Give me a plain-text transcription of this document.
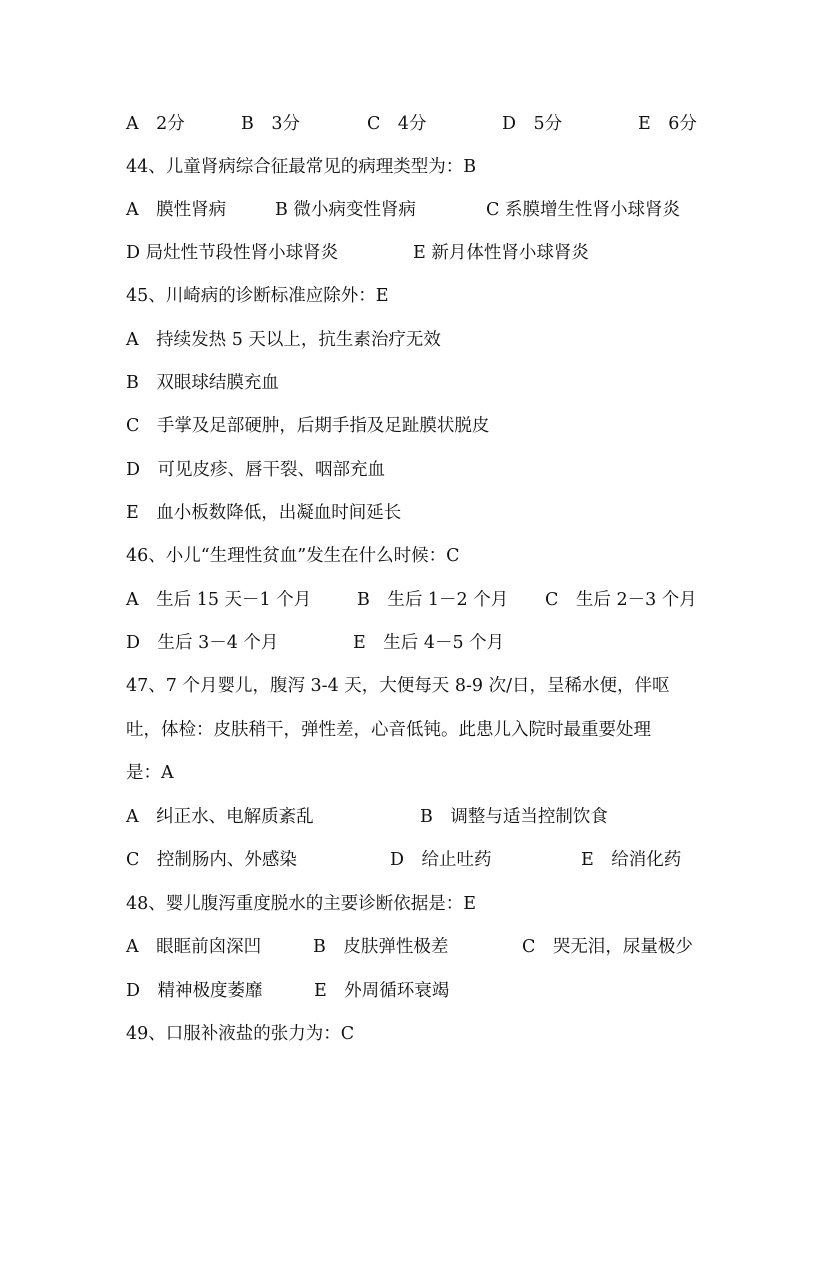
A　2分	B　3分	C　4分	D　5分	E　6分
44、儿童肾病综合征最常见的病理类型为：B
A　膜性肾病	B 微小病变性肾病	C 系膜增生性肾小球肾炎
D 局灶性节段性肾小球肾炎	E 新月体性肾小球肾炎
45、川崎病的诊断标准应除外：E
A　持续发热 5 天以上，抗生素治疗无效
B　双眼球结膜充血
C　手掌及足部硬肿，后期手指及足趾膜状脱皮
D　可见皮疹、唇干裂、咽部充血
E　血小板数降低，出凝血时间延长
46、小儿“生理性贫血”发生在什么时候：C
A　生后 15 天－1 个月	B　生后 1－2 个月 C　生后 2－3 个月
D　生后 3－4 个月	E　生后 4－5 个月
47、7 个月婴儿，腹泻 3-4 天，大便每天 8-9 次/日，呈稀水便，伴呕
吐，体检：皮肤稍干，弹性差，心音低钝。此患儿入院时最重要处理
是：A
A　纠正水、电解质紊乱	B　调整与适当控制饮食
C　控制肠内、外感染	D　给止吐药	E　给消化药
48、婴儿腹泻重度脱水的主要诊断依据是：E
A　眼眶前囟深凹	B　皮肤弹性极差	C　哭无泪，尿量极少
D　精神极度萎靡	E　外周循环衰竭
49、口服补液盐的张力为：C
